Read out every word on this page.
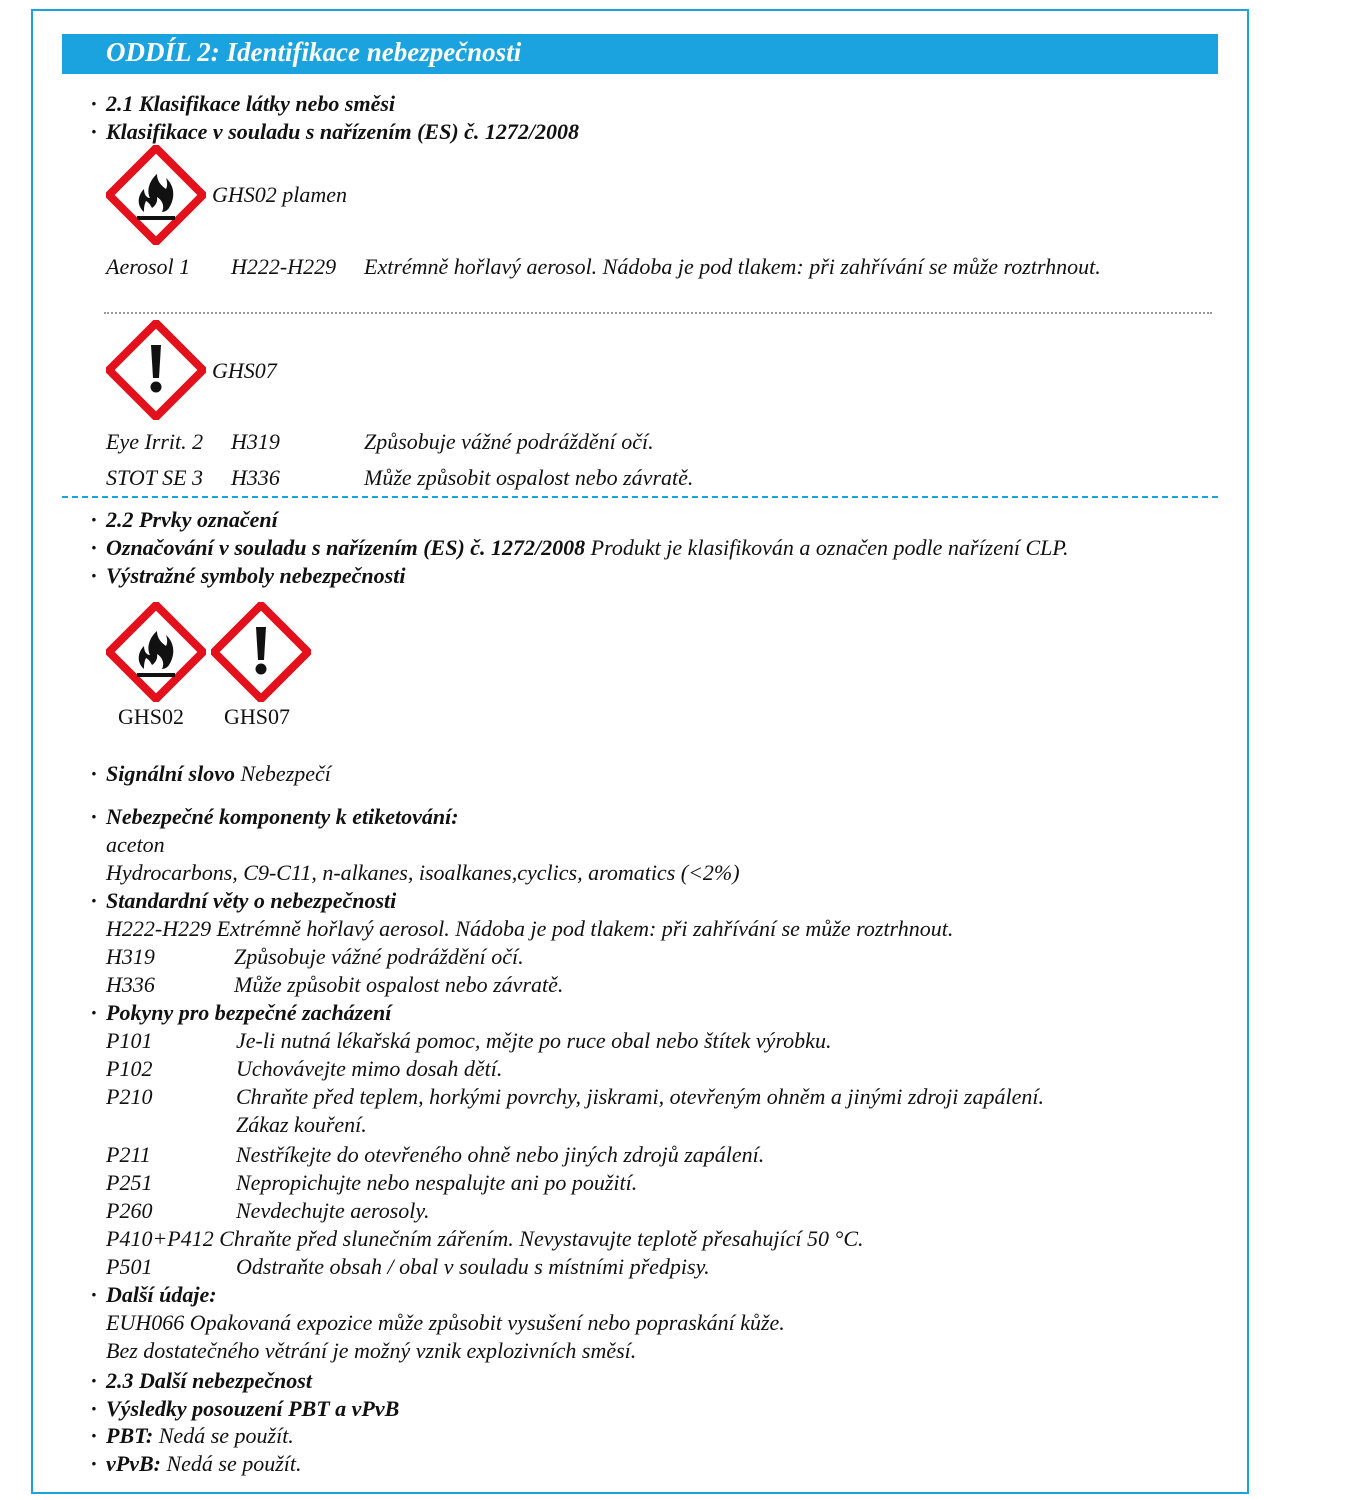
ODDÍL 2: Identifikace nebezpečnosti
· 2.1 Klasifikace látky nebo směsi
· Klasifikace v souladu s nařízením (ES) č. 1272/2008
GHS02 plamen
Aerosol 1 H222-H229 Extrémně hořlavý aerosol. Nádoba je pod tlakem: při zahřívání se může roztrhnout.
GHS07
Eye Irrit. 2 H319	Způsobuje vážné podráždění očí.
STOT SE 3 H336	Může způsobit ospalost nebo závratě.
· 2.2 Prvky označení
· Označování v souladu s nařízením (ES) č. 1272/2008 Produkt je klasifikován a označen podle nařízení CLP.
· Výstražné symboly nebezpečnosti
GHS02 GHS07
· Signální slovo Nebezpečí
· Nebezpečné komponenty k etiketování:
aceton
Hydrocarbons, C9-C11, n-alkanes, isoalkanes,cyclics, aromatics (<2%)
· Standardní věty o nebezpečnosti
H222-H229 Extrémně hořlavý aerosol. Nádoba je pod tlakem: při zahřívání se může roztrhnout.
H319	Způsobuje vážné podráždění očí.
H336	Může způsobit ospalost nebo závratě.
· Pokyny pro bezpečné zacházení
P101	Je-li nutná lékařská pomoc, mějte po ruce obal nebo štítek výrobku.
P102	Uchovávejte mimo dosah dětí.
P210	Chraňte před teplem, horkými povrchy, jiskrami, otevřeným ohněm a jinými zdroji zapálení.
Zákaz kouření.
P211	Nestříkejte do otevřeného ohně nebo jiných zdrojů zapálení.
P251	Nepropichujte nebo nespalujte ani po použití.
P260	Nevdechujte aerosoly.
P410+P412 Chraňte před slunečním zářením. Nevystavujte teplotě přesahující 50 °C.
P501	Odstraňte obsah / obal v souladu s místními předpisy.
· Další údaje:
EUH066 Opakovaná expozice může způsobit vysušení nebo popraskání kůže.
Bez dostatečného větrání je možný vznik explozivních směsí.
· 2.3 Další nebezpečnost
· Výsledky posouzení PBT a vPvB
· PBT: Nedá se použít.
· vPvB: Nedá se použít.
